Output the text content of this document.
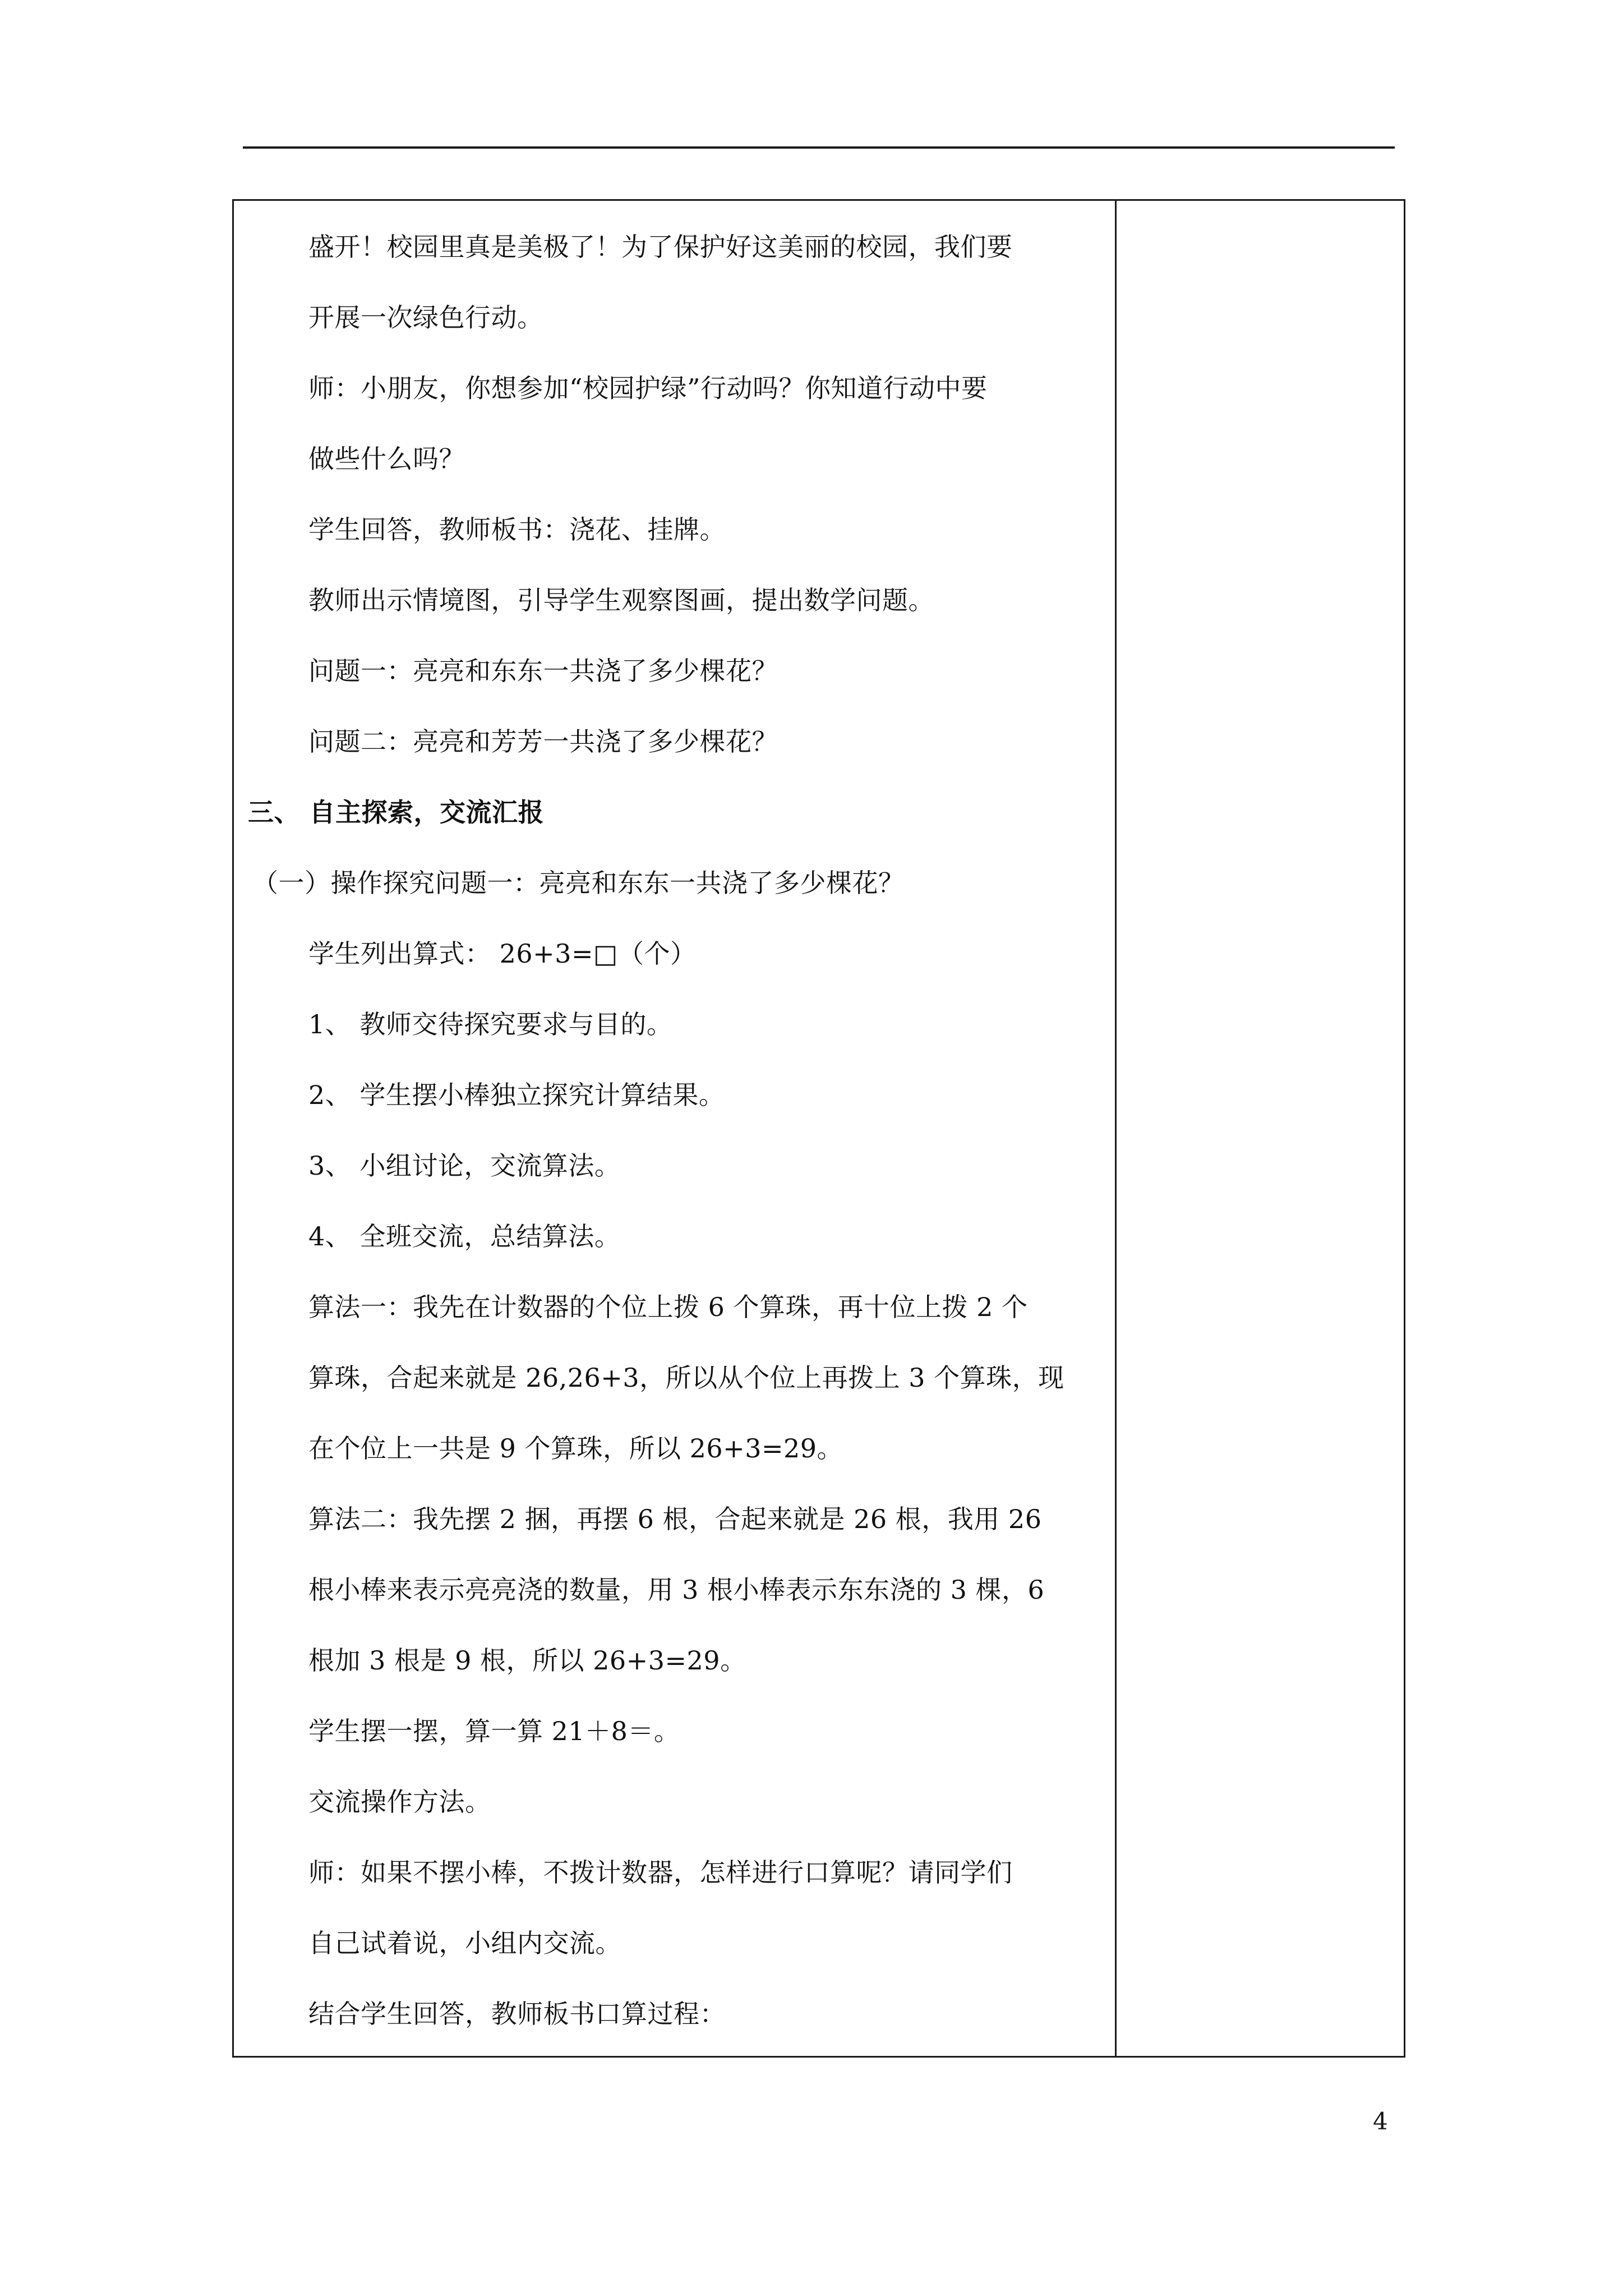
盛开！校园里真是美极了！为了保护好这美丽的校园，我们要
开展一次绿色行动。
师：小朋友，你想参加“校园护绿”行动吗？你知道行动中要
做些什么吗？
学生回答，教师板书：浇花、挂牌。
教师出示情境图，引导学生观察图画，提出数学问题。
问题一：亮亮和东东一共浇了多少棵花？
问题二：亮亮和芳芳一共浇了多少棵花？
三、 自主探索，交流汇报
（一）操作探究问题一：亮亮和东东一共浇了多少棵花？
学生列出算式： 26+3=□（个）
1、 教师交待探究要求与目的。
2、 学生摆小棒独立探究计算结果。
3、 小组讨论，交流算法。
4、 全班交流，总结算法。
算法一：我先在计数器的个位上拨 6 个算珠，再十位上拨 2 个
算珠，合起来就是 26,26+3，所以从个位上再拨上 3 个算珠，现
在个位上一共是 9 个算珠，所以 26+3=29。
算法二：我先摆 2 捆，再摆 6 根，合起来就是 26 根，我用 26
根小棒来表示亮亮浇的数量，用 3 根小棒表示东东浇的 3 棵，6
根加 3 根是 9 根，所以 26+3=29。
学生摆一摆，算一算 21＋8＝。
交流操作方法。
师：如果不摆小棒，不拨计数器，怎样进行口算呢？请同学们
自己试着说，小组内交流。
结合学生回答，教师板书口算过程：
4
